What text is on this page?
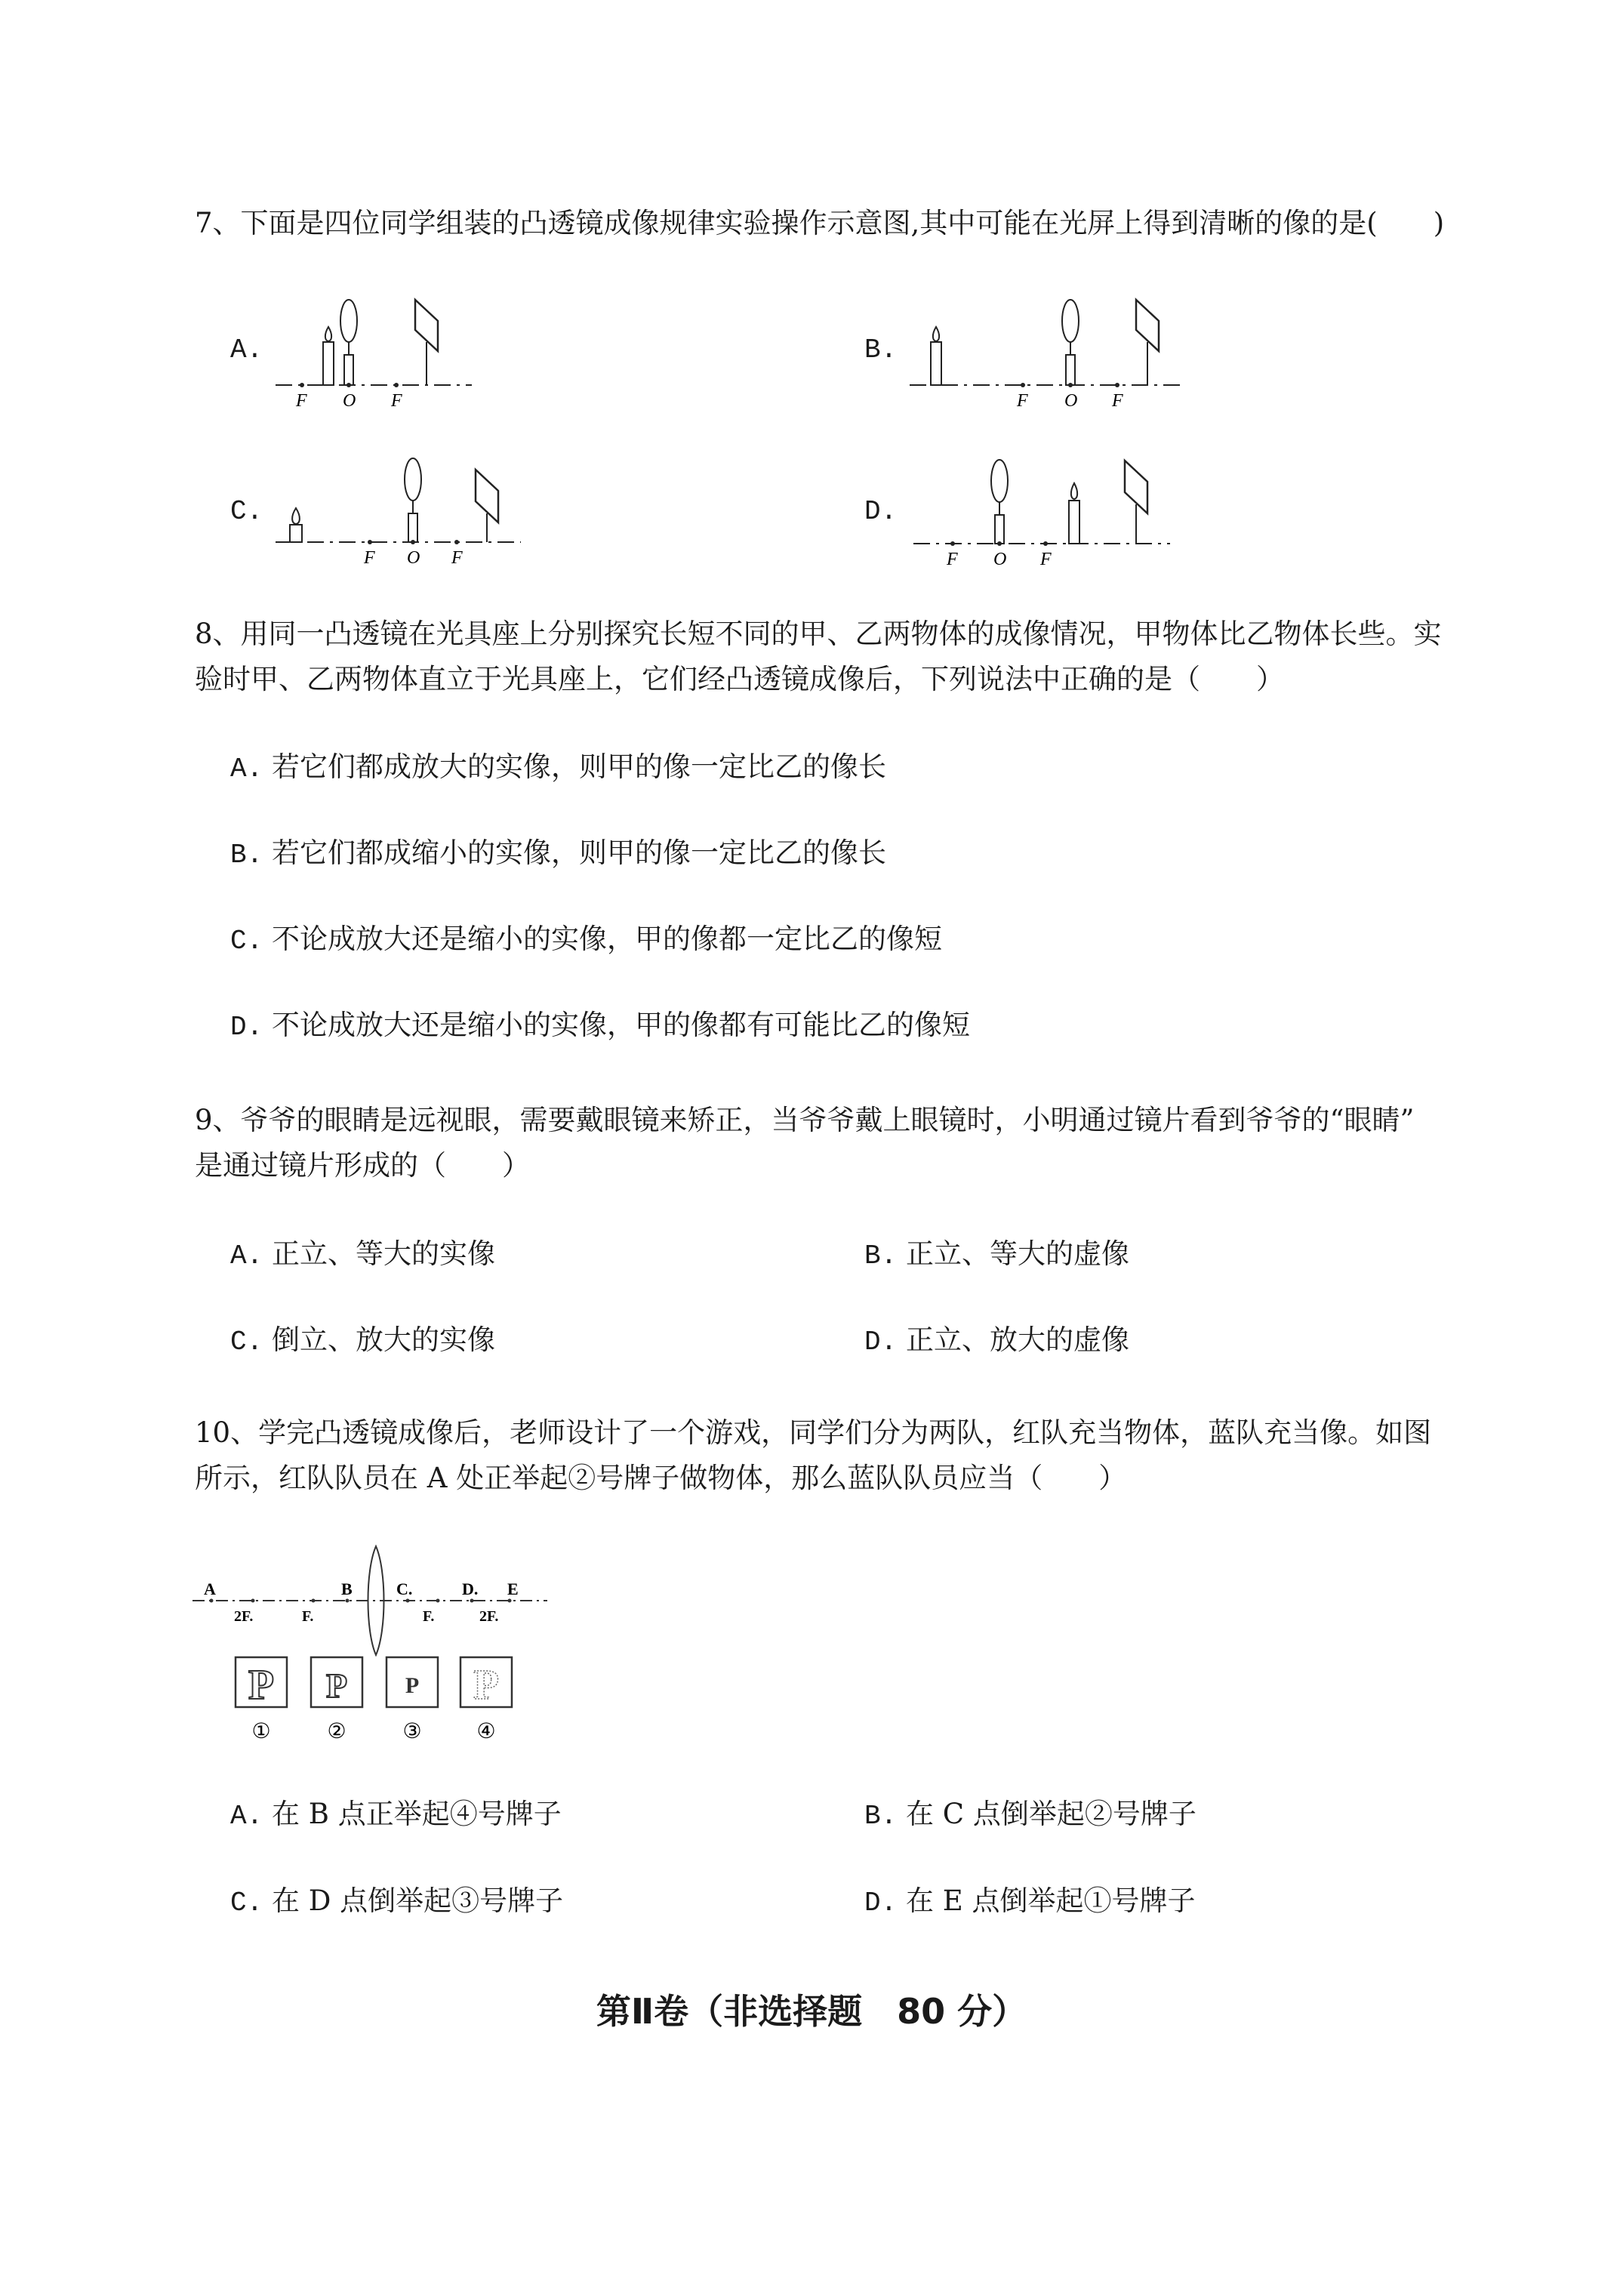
7、下面是四位同学组装的凸透镜成像规律实验操作示意图,其中可能在光屏上得到清晰的像的是(　　)
A.
F O F
B.
F O F
C.
F O F
D.
F O F
8、用同一凸透镜在光具座上分别探究长短不同的甲、乙两物体的成像情况，甲物体比乙物体长些。实
验时甲、乙两物体直立于光具座上，它们经凸透镜成像后，下列说法中正确的是（　　）
A. 若它们都成放大的实像，则甲的像一定比乙的像长
B. 若它们都成缩小的实像，则甲的像一定比乙的像长
C. 不论成放大还是缩小的实像，甲的像都一定比乙的像短
D. 不论成放大还是缩小的实像，甲的像都有可能比乙的像短
9、爷爷的眼睛是远视眼，需要戴眼镜来矫正，当爷爷戴上眼镜时，小明通过镜片看到爷爷的“眼睛”
是通过镜片形成的（　　）
A. 正立、等大的实像	B. 正立、等大的虚像
C. 倒立、放大的实像	D. 正立、放大的虚像
10、学完凸透镜成像后，老师设计了一个游戏，同学们分为两队，红队充当物体，蓝队充当像。如图
所示，红队队员在 A 处正举起②号牌子做物体，那么蓝队队员应当（　　）
A	B	C.	D. E
2F.	F.	F.	2F.
P P	P P
①	②	③	④
A. 在 B 点正举起④号牌子	B. 在 C 点倒举起②号牌子
C. 在 D 点倒举起③号牌子	D. 在 E 点倒举起①号牌子
第Ⅱ卷（非选择题　80 分）
